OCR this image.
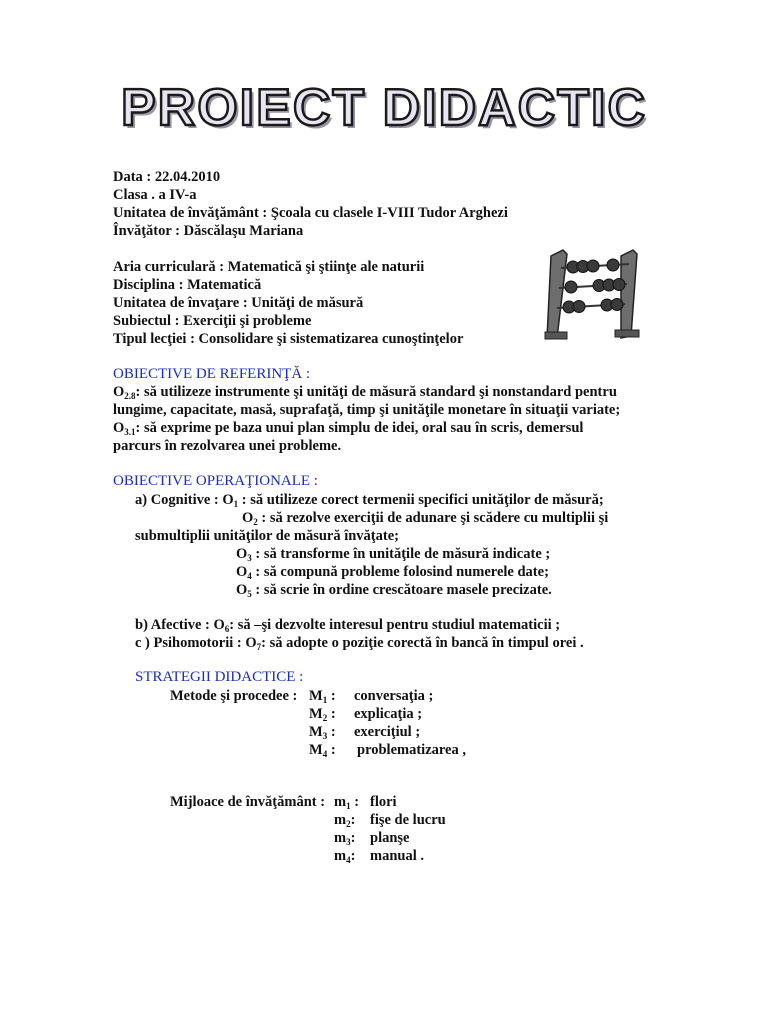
PROIECT DIDACTIC
Data : 22.04.2010
Clasa . a IV-a
Unitatea de învăţământ : Şcoala cu clasele I-VIII Tudor Arghezi
Învăţător : Dăscălaşu Mariana
Aria curriculară : Matematică şi ştiinţe ale naturii
Disciplina : Matematică
Unitatea de învaţare : Unităţi de măsură
Subiectul : Exerciţii şi probleme
Tipul lecţiei : Consolidare şi sistematizarea cunoştinţelor
OBIECTIVE DE REFERINŢĂ :
$O_{2.8}$: să utilizeze instrumente şi unităţi de măsură standard şi nonstandard pentru
lungime, capacitate, masă, suprafaţă, timp şi unităţile monetare în situaţii variate;
$O_{3.1}$: să exprime pe baza unui plan simplu de idei, oral sau în scris, demersul
parcurs în rezolvarea unei probleme.
OBIECTIVE OPERAŢIONALE :
a) Cognitive : $O_1$ : să utilizeze corect termenii specifici unităţilor de măsură;
$O_2$ : să rezolve exerciţii de adunare şi scădere cu multiplii şi
submultiplii unităţilor de măsură învăţate;
$O_3$ : să transforme în unităţile de măsură indicate ;
$O_4$ : să compună probleme folosind numerele date;
$O_5$ : să scrie în ordine crescătoare masele precizate.
b) Afective : $O_6$: să –şi dezvolte interesul pentru studiul matematicii ;
c ) Psihomotorii : $O_7$: să adopte o poziţie corectă în bancă în timpul orei .
STRATEGII DIDACTICE :
Metode şi procedee : $M_1$ : conversaţia ;
$M_2$ : explicaţia ;
$M_3$ : exerciţiul ;
$M_4$ : problematizarea ,
Mijloace de învăţământ : $m_1$ : flori
$m_2$: fişe de lucru
$m_3$: planşe
$m_4$: manual .
